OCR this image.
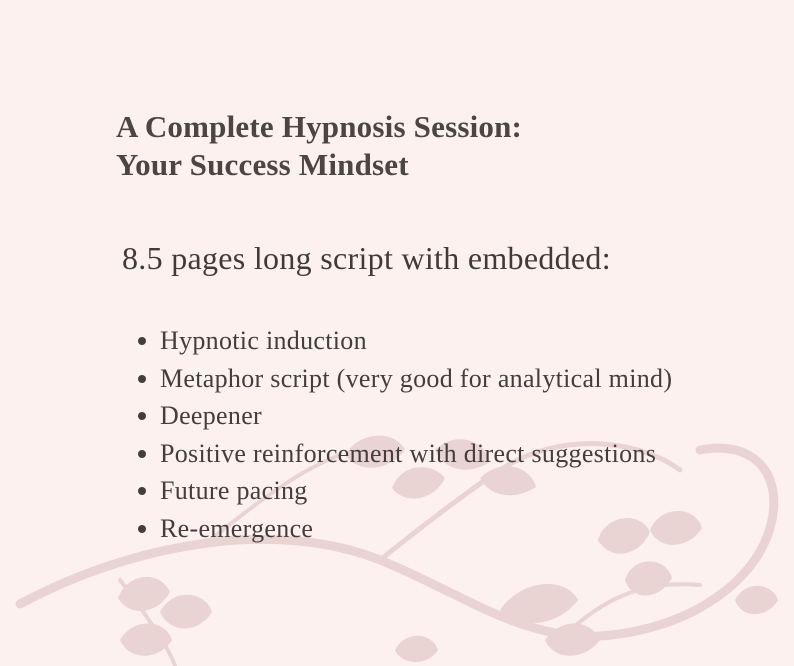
A Complete Hypnosis Session:
Your Success Mindset

8.5 pages long script with embedded:

Hypnotic induction
Metaphor script (very good for analytical mind)
Deepener
Positive reinforcement with direct suggestions
Future pacing
Re-emergence
